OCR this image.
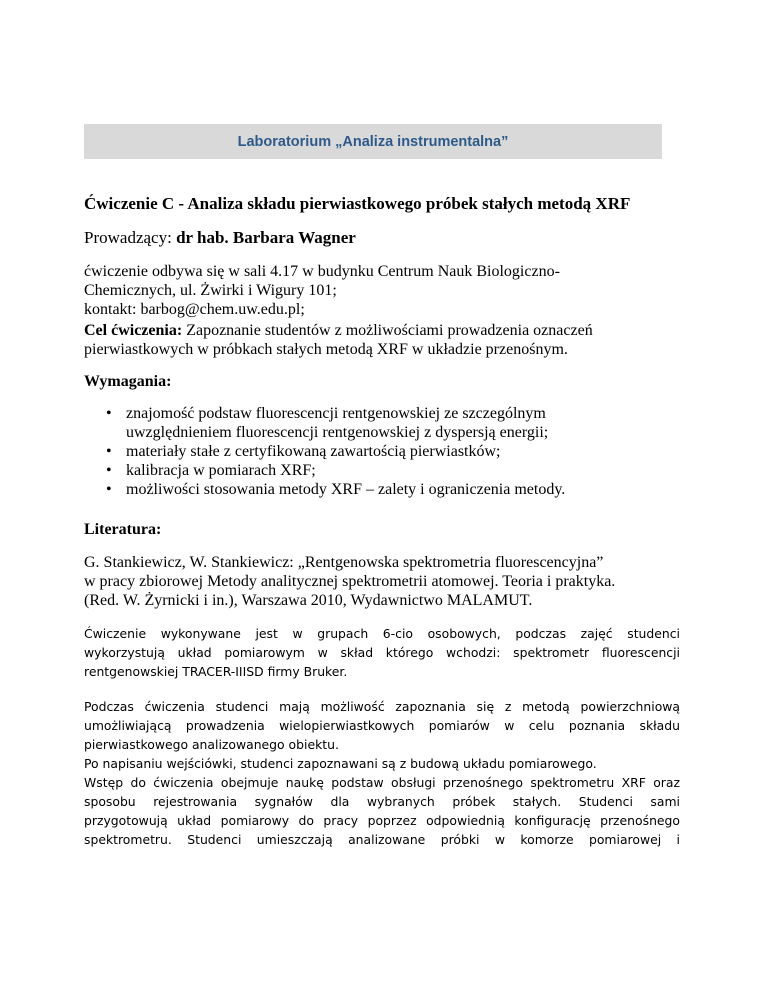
Laboratorium „Analiza instrumentalna”
Ćwiczenie C - Analiza składu pierwiastkowego próbek stałych metodą XRF
Prowadzący: dr hab. Barbara Wagner
ćwiczenie odbywa się w sali 4.17 w budynku Centrum Nauk Biologiczno-
Chemicznych, ul. Żwirki i Wigury 101;
kontakt: barbog@chem.uw.edu.pl;
Cel ćwiczenia: Zapoznanie studentów z możliwościami prowadzenia oznaczeń
pierwiastkowych w próbkach stałych metodą XRF w układzie przenośnym.
Wymagania:
• znajomość podstaw fluorescencji rentgenowskiej ze szczególnym
uwzględnieniem fluorescencji rentgenowskiej z dyspersją energii;
• materiały stałe z certyfikowaną zawartością pierwiastków;
• kalibracja w pomiarach XRF;
• możliwości stosowania metody XRF – zalety i ograniczenia metody.
Literatura:
G. Stankiewicz, W. Stankiewicz: „Rentgenowska spektrometria fluorescencyjna”
w pracy zbiorowej Metody analitycznej spektrometrii atomowej. Teoria i praktyka.
(Red. W. Żyrnicki i in.), Warszawa 2010, Wydawnictwo MALAMUT.
Ćwiczenie wykonywane jest w grupach 6-cio osobowych, podczas zajęć studenci
wykorzystują układ pomiarowym w skład którego wchodzi: spektrometr fluorescencji
rentgenowskiej TRACER-IIISD firmy Bruker.
Podczas ćwiczenia studenci mają możliwość zapoznania się z metodą powierzchniową
umożliwiającą prowadzenia wielopierwiastkowych pomiarów w celu poznania składu
pierwiastkowego analizowanego obiektu.
Po napisaniu wejściówki, studenci zapoznawani są z budową układu pomiarowego.
Wstęp do ćwiczenia obejmuje naukę podstaw obsługi przenośnego spektrometru XRF oraz
sposobu rejestrowania sygnałów dla wybranych próbek stałych. Studenci sami
przygotowują układ pomiarowy do pracy poprzez odpowiednią konfigurację przenośnego
spektrometru. Studenci umieszczają analizowane próbki w komorze pomiarowej i
